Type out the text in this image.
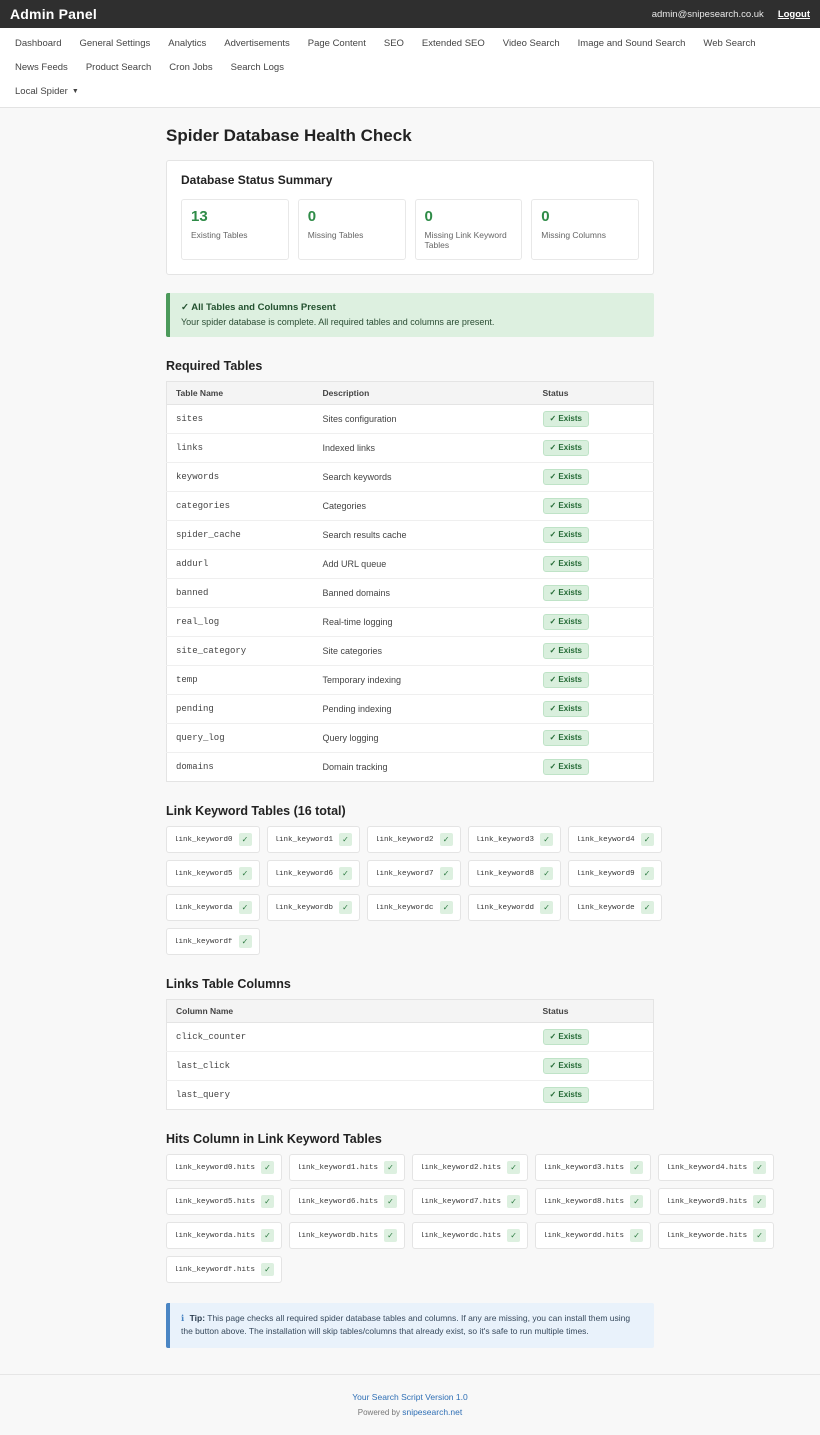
Admin Panel	admin@snipesearch.co.uk Logout
Dashboard	General Settings	Analytics	Advertisements	Page Content	SEO	Extended SEO	Video Search	Image and Sound Search	Web Search
News Feeds	Product Search	Cron Jobs	Search Logs
Local Spider ▼
Spider Database Health Check
Database Status Summary
13
Existing Tables
0
Missing Tables
0
Missing Link Keyword Tables
0
Missing Columns
✓ All Tables and Columns Present
Your spider database is complete. All required tables and columns are present.
Required Tables
Table Name	Description	Status
sites	Sites configuration	✓ Exists
links	Indexed links	✓ Exists
keywords	Search keywords	✓ Exists
categories	Categories	✓ Exists
spider_cache	Search results cache	✓ Exists
addurl	Add URL queue	✓ Exists
banned	Banned domains	✓ Exists
real_log	Real-time logging	✓ Exists
site_category	Site categories	✓ Exists
temp	Temporary indexing	✓ Exists
pending	Pending indexing	✓ Exists
query_log	Query logging	✓ Exists
domains	Domain tracking	✓ Exists
Link Keyword Tables (16 total)
link_keyword0	✓	link_keyword1	✓	link_keyword2	✓	link_keyword3	✓	link_keyword4	✓
link_keyword5	✓	link_keyword6	✓	link_keyword7	✓	link_keyword8	✓	link_keyword9	✓
link_keyworda	✓	link_keywordb	✓	link_keywordc	✓	link_keywordd	✓	link_keyworde	✓
link_keywordf	✓
Links Table Columns
Column Name	Status
click_counter	✓ Exists
last_click	✓ Exists
last_query	✓ Exists
Hits Column in Link Keyword Tables
link_keyword0.hits	✓	link_keyword1.hits	✓	link_keyword2.hits	✓	link_keyword3.hits	✓	link_keyword4.hits	✓
link_keyword5.hits	✓	link_keyword6.hits	✓	link_keyword7.hits	✓	link_keyword8.hits	✓	link_keyword9.hits	✓
link_keyworda.hits	✓	link_keywordb.hits	✓	link_keywordc.hits	✓	link_keywordd.hits	✓	link_keyworde.hits	✓
link_keywordf.hits	✓
ℹ Tip: This page checks all required spider database tables and columns. If any are missing, you can install them using the button above. The installation will skip tables/columns that already exist, so it's safe to run multiple times.
Your Search Script Version 1.0
Powered by snipesearch.net
